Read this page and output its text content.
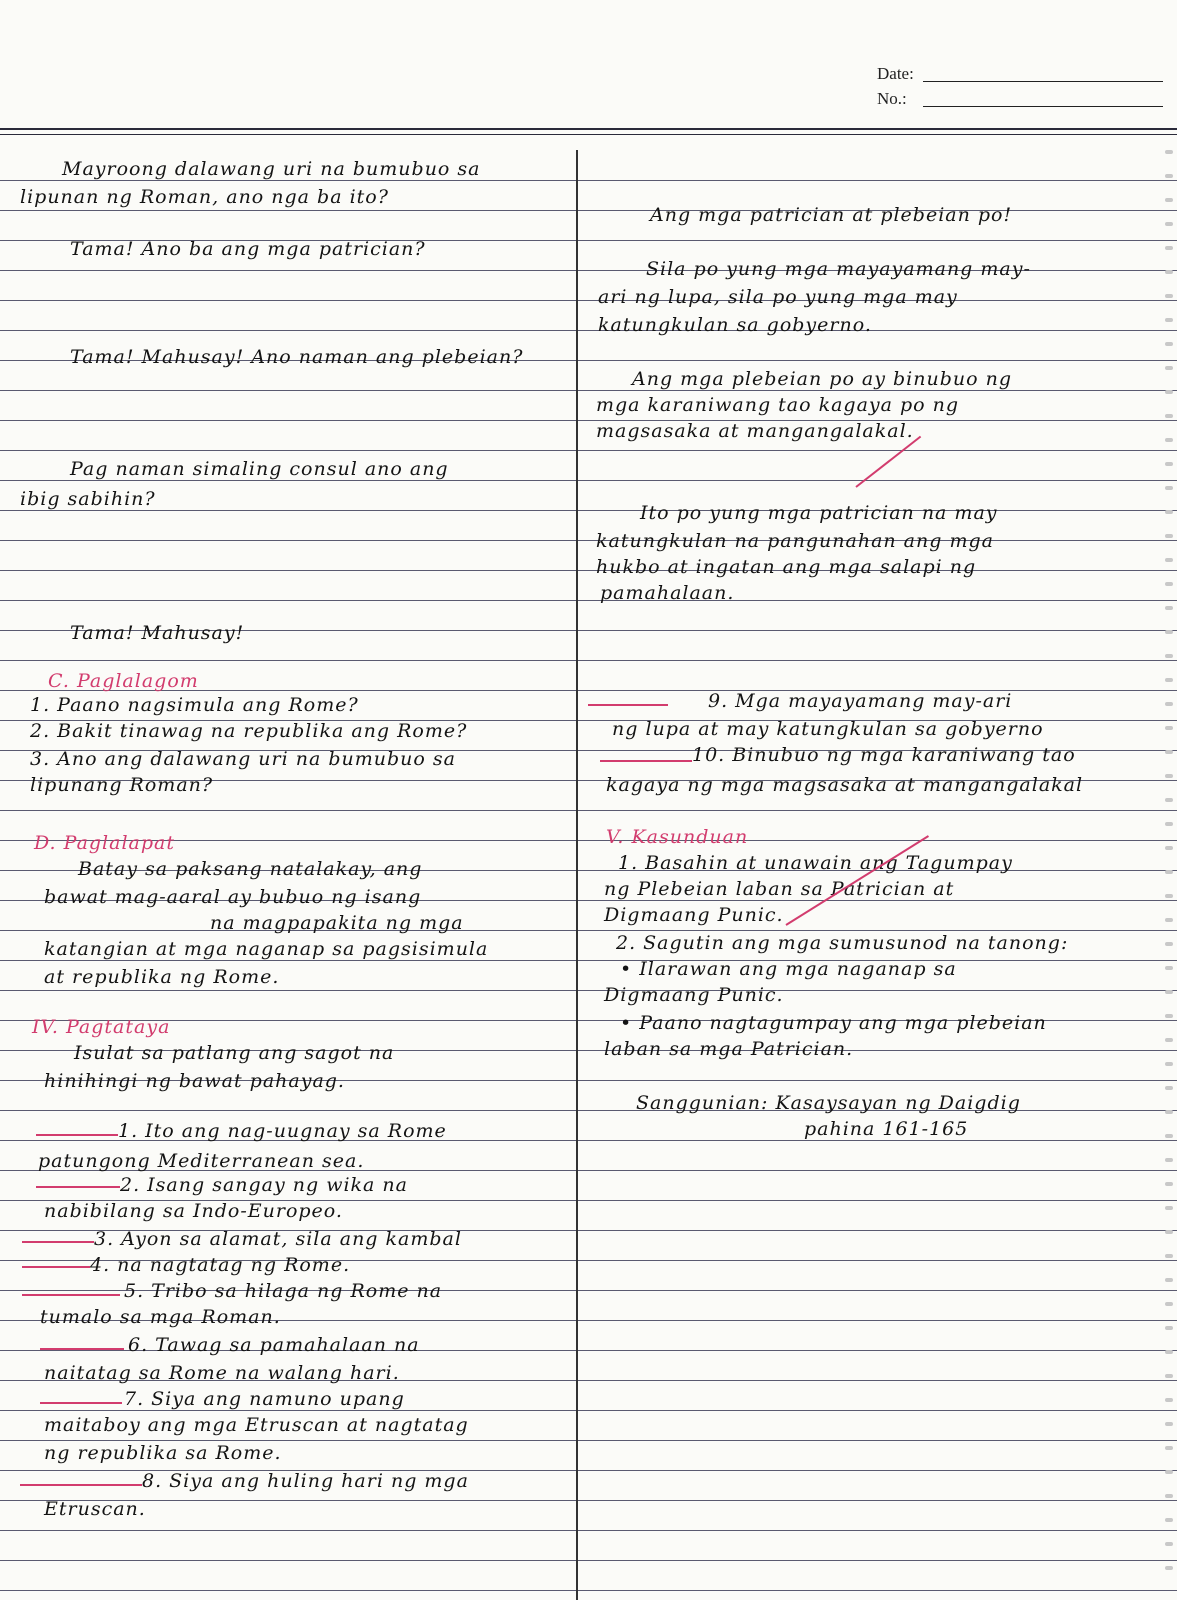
Date:
No.:
Mayroong dalawang uri na bumubuo sa
lipunan ng Roman, ano nga ba ito?
Tama! Ano ba ang mga patrician?
Tama! Mahusay! Ano naman ang plebeian?
Pag naman simaling consul ano ang
ibig sabihin?
Tama! Mahusay!
C. Paglalagom
1. Paano nagsimula ang Rome?
2. Bakit tinawag na republika ang Rome?
3. Ano ang dalawang uri na bumubuo sa
lipunang Roman?
D. Paglalapat
Batay sa paksang natalakay, ang
bawat mag-aaral ay bubuo ng isang
na magpapakita ng mga
katangian at mga naganap sa pagsisimula
at republika ng Rome.
IV. Pagtataya
Isulat sa patlang ang sagot na
hinihingi ng bawat pahayag.
1. Ito ang nag-uugnay sa Rome
patungong Mediterranean sea.
2. Isang sangay ng wika na
nabibilang sa Indo-Europeo.
3. Ayon sa alamat, sila ang kambal
4. na nagtatag ng Rome.
5. Tribo sa hilaga ng Rome na
tumalo sa mga Roman.
6. Tawag sa pamahalaan na
naitatag sa Rome na walang hari.
7. Siya ang namuno upang
maitaboy ang mga Etruscan at nagtatag
ng republika sa Rome.
8. Siya ang huling hari ng mga
Etruscan.
Ang mga patrician at plebeian po!
Sila po yung mga mayayamang may-
ari ng lupa, sila po yung mga may
katungkulan sa gobyerno.
Ang mga plebeian po ay binubuo ng
mga karaniwang tao kagaya po ng
magsasaka at mangangalakal.
Ito po yung mga patrician na may
katungkulan na pangunahan ang mga
hukbo at ingatan ang mga salapi ng
pamahalaan.
9. Mga mayayamang may-ari
ng lupa at may katungkulan sa gobyerno
10. Binubuo ng mga karaniwang tao
kagaya ng mga magsasaka at mangangalakal
V. Kasunduan
1. Basahin at unawain ang Tagumpay
ng Plebeian laban sa Patrician at
Digmaang Punic.
2. Sagutin ang mga sumusunod na tanong:
• Ilarawan ang mga naganap sa
Digmaang Punic.
• Paano nagtagumpay ang mga plebeian
laban sa mga Patrician.
Sanggunian: Kasaysayan ng Daigdig
pahina 161-165
